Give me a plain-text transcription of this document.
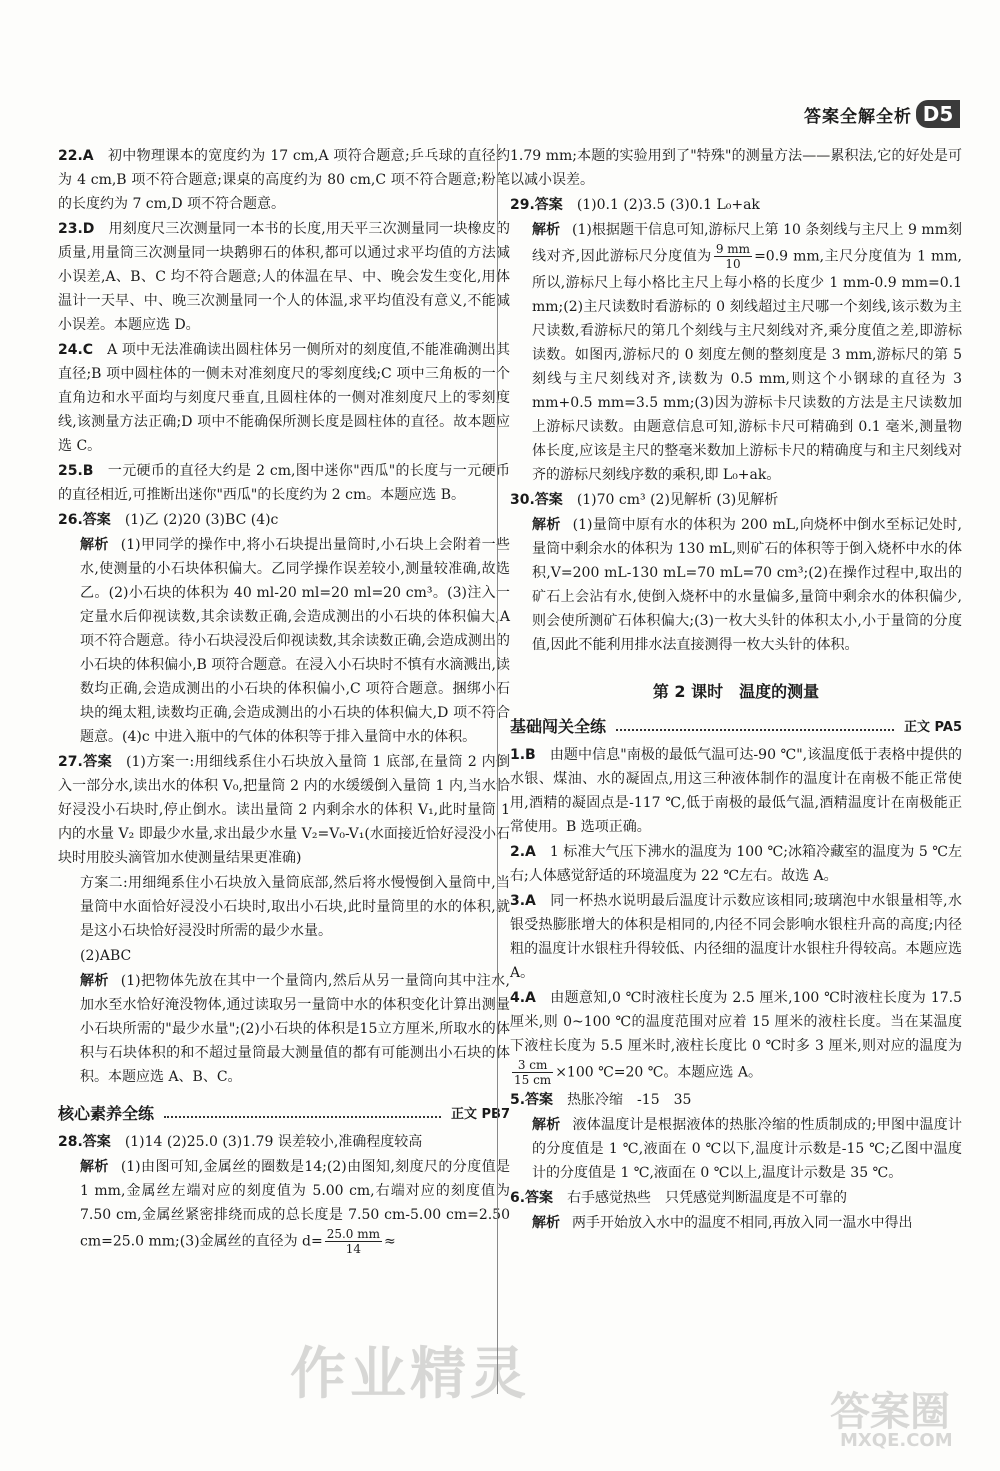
答案全解全析 D5
22.A 初中物理课本的宽度约为 17 cm,A 项符合题意;乒乓球的直径约为 4 cm,B 项不符合题意;课桌的高度约为 80 cm,C 项不符合题意;粉笔的长度约为 7 cm,D 项不符合题意。
23.D 用刻度尺三次测量同一本书的长度,用天平三次测量同一块橡皮的质量,用量筒三次测量同一块鹅卵石的体积,都可以通过求平均值的方法减小误差,A、B、C 均不符合题意;人的体温在早、中、晚会发生变化,用体温计一天早、中、晚三次测量同一个人的体温,求平均值没有意义,不能减小误差。本题应选 D。
24.C A 项中无法准确读出圆柱体另一侧所对的刻度值,不能准确测出其直径;B 项中圆柱体的一侧未对准刻度尺的零刻度线;C 项中三角板的一个直角边和水平面均与刻度尺垂直,且圆柱体的一侧对准刻度尺上的零刻度线,该测量方法正确;D 项中不能确保所测长度是圆柱体的直径。故本题应选 C。
25.B 一元硬币的直径大约是 2 cm,图中迷你"西瓜"的长度与一元硬币的直径相近,可推断出迷你"西瓜"的长度约为 2 cm。本题应选 B。
26.答案 (1)乙 (2)20 (3)BC (4)c
解析 (1)甲同学的操作中,将小石块提出量筒时,小石块上会附着一些水,使测量的小石块体积偏大。乙同学操作误差较小,测量较准确,故选乙。(2)小石块的体积为 40 ml-20 ml=20 ml=20 cm³。(3)注入一定量水后仰视读数,其余读数正确,会造成测出的小石块的体积偏大,A 项不符合题意。待小石块浸没后仰视读数,其余读数正确,会造成测出的小石块的体积偏小,B 项符合题意。在浸入小石块时不慎有水滴溅出,读数均正确,会造成测出的小石块的体积偏小,C 项符合题意。捆绑小石块的绳太粗,读数均正确,会造成测出的小石块的体积偏大,D 项不符合题意。(4)c 中进入瓶中的气体的体积等于排入量筒中水的体积。
27.答案 (1)方案一:用细线系住小石块放入量筒 1 底部,在量筒 2 内倒入一部分水,读出水的体积 V₀,把量筒 2 内的水缓缓倒入量筒 1 内,当水恰好浸没小石块时,停止倒水。读出量筒 2 内剩余水的体积 V₁,此时量筒 1 内的水量 V₂ 即最少水量,求出最少水量 V₂=V₀-V₁(水面接近恰好浸没小石块时用胶头滴管加水使测量结果更准确)
方案二:用细绳系住小石块放入量筒底部,然后将水慢慢倒入量筒中,当量筒中水面恰好浸没小石块时,取出小石块,此时量筒里的水的体积,就是这小石块恰好浸没时所需的最少水量。
(2)ABC
解析 (1)把物体先放在其中一个量筒内,然后从另一量筒向其中注水,加水至水恰好淹没物体,通过读取另一量筒中水的体积变化计算出测量小石块所需的"最少水量";(2)小石块的体积是15立方厘米,所取水的体积与石块体积的和不超过量筒最大测量值的都有可能测出小石块的体积。本题应选 A、B、C。
核心素养全练	正文 PB7
28.答案 (1)14 (2)25.0 (3)1.79 误差较小,准确程度较高
解析 (1)由图可知,金属丝的圈数是14;(2)由图知,刻度尺的分度值是 1 mm,金属丝左端对应的刻度值为 5.00 cm,右端对应的刻度值为 7.50 cm,金属丝紧密排绕而成的总长度是 7.50 cm-5.00 cm=2.50 cm=25.0 mm;(3)金属丝的直径为 $d= \frac{25.0 mm}{14}$ ≈
1.79 mm;本题的实验用到了"特殊"的测量方法——累积法,它的好处是可以减小误差。
29.答案 (1)0.1 (2)3.5 (3)0.1 L₀+ak
解析 (1)根据题干信息可知,游标尺上第 10 条刻线与主尺上 9 mm刻线对齐,因此游标尺分度值为 $\frac{9 mm}{10} =0.9$ mm,主尺分度值为 1 mm,所以,游标尺上每小格比主尺上每小格的长度少 1 mm-0.9 mm=0.1 mm;(2)主尺读数时看游标的 0 刻线超过主尺哪一个刻线,该示数为主尺读数,看游标尺的第几个刻线与主尺刻线对齐,乘分度值之差,即游标读数。如图丙,游标尺的 0 刻度左侧的整刻度是 3 mm,游标尺的第 5 刻线与主尺刻线对齐,读数为 0.5 mm,则这个小钢球的直径为 3 mm+0.5 mm=3.5 mm;(3)因为游标卡尺读数的方法是主尺读数加上游标尺读数。由题意信息可知,游标卡尺可精确到 0.1 毫米,测量物体长度,应该是主尺的整毫米数加上游标卡尺的精确度与和主尺刻线对齐的游标尺刻线序数的乘积,即 L₀+ak。
30.答案 (1)70 cm³ (2)见解析 (3)见解析
解析 (1)量筒中原有水的体积为 200 mL,向烧杯中倒水至标记处时,量筒中剩余水的体积为 130 mL,则矿石的体积等于倒入烧杯中水的体积,V=200 mL-130 mL=70 mL=70 cm³;(2)在操作过程中,取出的矿石上会沾有水,使倒入烧杯中的水量偏多,量筒中剩余水的体积偏少,则会使所测矿石体积偏大;(3)一枚大头针的体积太小,小于量筒的分度值,因此不能利用排水法直接测得一枚大头针的体积。
第 2 课时　温度的测量
基础闯关全练	正文 PA5
1.B 由题中信息"南极的最低气温可达-90 ℃",该温度低于表格中提供的水银、煤油、水的凝固点,用这三种液体制作的温度计在南极不能正常使用,酒精的凝固点是-117 ℃,低于南极的最低气温,酒精温度计在南极能正常使用。B 选项正确。
2.A 1 标准大气压下沸水的温度为 100 ℃;冰箱冷藏室的温度为 5 ℃左右;人体感觉舒适的环境温度为 22 ℃左右。故选 A。
3.A 同一杯热水说明最后温度计示数应该相同;玻璃泡中水银量相等,水银受热膨胀增大的体积是相同的,内径不同会影响水银柱升高的高度;内径粗的温度计水银柱升得较低、内径细的温度计水银柱升得较高。本题应选 A。
4.A 由题意知,0 ℃时液柱长度为 2.5 厘米,100 ℃时液柱长度为 17.5 厘米,则 0~100 ℃的温度范围对应着 15 厘米的液柱长度。当在某温度下液柱长度为 5.5 厘米时,液柱长度比 0 ℃时多 3 厘米,则对应的温度为
$\frac{3 cm}{15 cm} \times 100$ ℃=20 ℃。本题应选 A。
5.答案 热胀冷缩　-15　35
解析 液体温度计是根据液体的热胀冷缩的性质制成的;甲图中温度计的分度值是 1 ℃,液面在 0 ℃以下,温度计示数是-15 ℃;乙图中温度计的分度值是 1 ℃,液面在 0 ℃以上,温度计示数是 35 ℃。
6.答案 右手感觉热些　只凭感觉判断温度是不可靠的
解析 两手开始放入水中的温度不相同,再放入同一温水中得出
作业精灵
答案圈
MXQE.COM
